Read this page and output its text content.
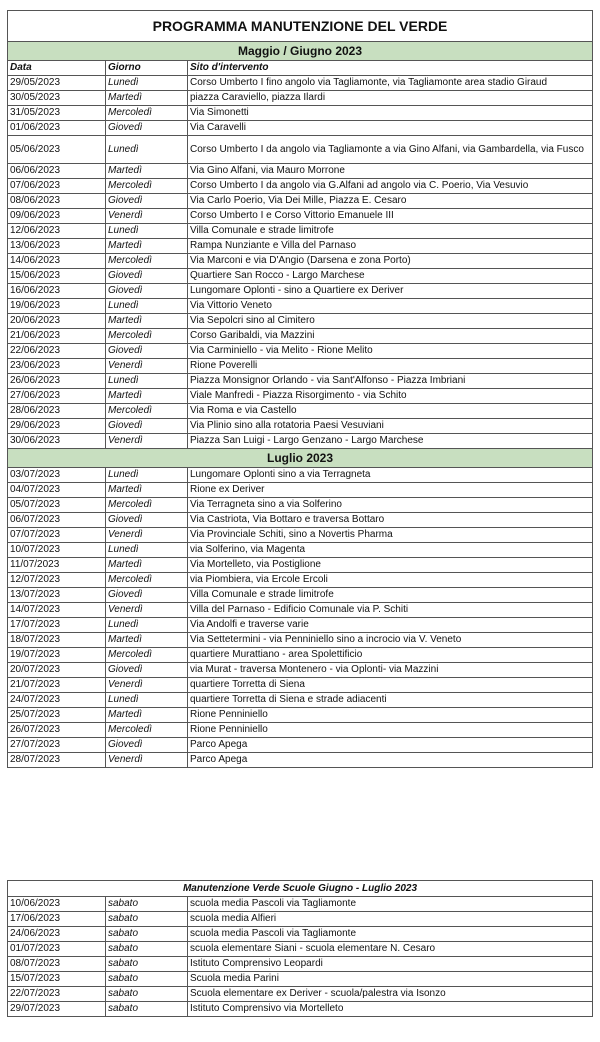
PROGRAMMA MANUTENZIONE DEL VERDE		
Maggio / Giugno 2023		
Data	Giorno	Sito d'intervento
29/05/2023	Lunedì	Corso Umberto I fino angolo via Tagliamonte, via Tagliamonte area stadio Giraud
30/05/2023	Martedì	piazza Caraviello, piazza Ilardi
31/05/2023	Mercoledì	Via Simonetti
01/06/2023	Giovedì	Via Caravelli
05/06/2023	Lunedì	Corso Umberto I da angolo via Tagliamonte a via Gino Alfani, via Gambardella, via Fusco
06/06/2023	Martedì	Via Gino Alfani, via Mauro Morrone
07/06/2023	Mercoledì	Corso Umberto I da angolo via G.Alfani ad angolo via C. Poerio, Via Vesuvio
08/06/2023	Giovedì	Via Carlo Poerio, Via Dei Mille, Piazza E. Cesaro
09/06/2023	Venerdì	Corso Umberto I e Corso Vittorio Emanuele III
12/06/2023	Lunedì	Villa Comunale e strade limitrofe
13/06/2023	Martedì	Rampa Nunziante e Villa del Parnaso
14/06/2023	Mercoledì	Via Marconi e via D'Angio (Darsena e zona Porto)
15/06/2023	Giovedì	Quartiere San Rocco - Largo Marchese
16/06/2023	Giovedì	Lungomare Oplonti - sino a Quartiere ex Deriver
19/06/2023	Lunedì	Via Vittorio Veneto
20/06/2023	Martedì	Via Sepolcri sino al Cimitero
21/06/2023	Mercoledì	Corso Garibaldi, via Mazzini
22/06/2023	Giovedì	Via Carminiello - via Melito - Rione Melito
23/06/2023	Venerdì	Rione Poverelli
26/06/2023	Lunedì	Piazza Monsignor Orlando - via Sant'Alfonso - Piazza Imbriani
27/06/2023	Martedì	Viale Manfredi - Piazza Risorgimento - via Schito
28/06/2023	Mercoledì	Via Roma e via Castello
29/06/2023	Giovedì	Via Plinio sino alla rotatoria Paesi Vesuviani
30/06/2023	Venerdì	Piazza San Luigi - Largo Genzano - Largo Marchese
Luglio 2023		
03/07/2023	Lunedì	Lungomare Oplonti sino a via Terragneta
04/07/2023	Martedì	Rione ex Deriver
05/07/2023	Mercoledì	Via Terragneta sino a via Solferino
06/07/2023	Giovedì	Via Castriota, Via Bottaro e traversa Bottaro
07/07/2023	Venerdì	Via Provinciale Schiti, sino a Novertis Pharma
10/07/2023	Lunedì	via Solferino, via Magenta
11/07/2023	Martedì	Via Mortelleto, via Postiglione
12/07/2023	Mercoledì	via Piombiera, via Ercole Ercoli
13/07/2023	Giovedì	Villa Comunale e strade limitrofe
14/07/2023	Venerdì	Villa del Parnaso - Edificio Comunale via P. Schiti
17/07/2023	Lunedì	Via Andolfi e traverse varie
18/07/2023	Martedì	Via Settetermini - via Penniniello sino a incrocio via V. Veneto
19/07/2023	Mercoledì	quartiere Murattiano - area Spolettificio
20/07/2023	Giovedì	via Murat - traversa Montenero - via Oplonti- via Mazzini
21/07/2023	Venerdì	quartiere Torretta di Siena
24/07/2023	Lunedì	quartiere Torretta di Siena e strade adiacenti
25/07/2023	Martedì	Rione Penniniello
26/07/2023	Mercoledì	Rione Penniniello
27/07/2023	Giovedì	Parco Apega
28/07/2023	Venerdì	Parco Apega
Manutenzione Verde Scuole Giugno - Luglio 2023		
10/06/2023	sabato	scuola media Pascoli via Tagliamonte
17/06/2023	sabato	scuola media Alfieri
24/06/2023	sabato	scuola media Pascoli via Tagliamonte
01/07/2023	sabato	scuola elementare Siani - scuola elementare N. Cesaro
08/07/2023	sabato	Istituto Comprensivo Leopardi
15/07/2023	sabato	Scuola media Parini
22/07/2023	sabato	Scuola elementare ex Deriver - scuola/palestra via Isonzo
29/07/2023	sabato	Istituto Comprensivo via Mortelleto
